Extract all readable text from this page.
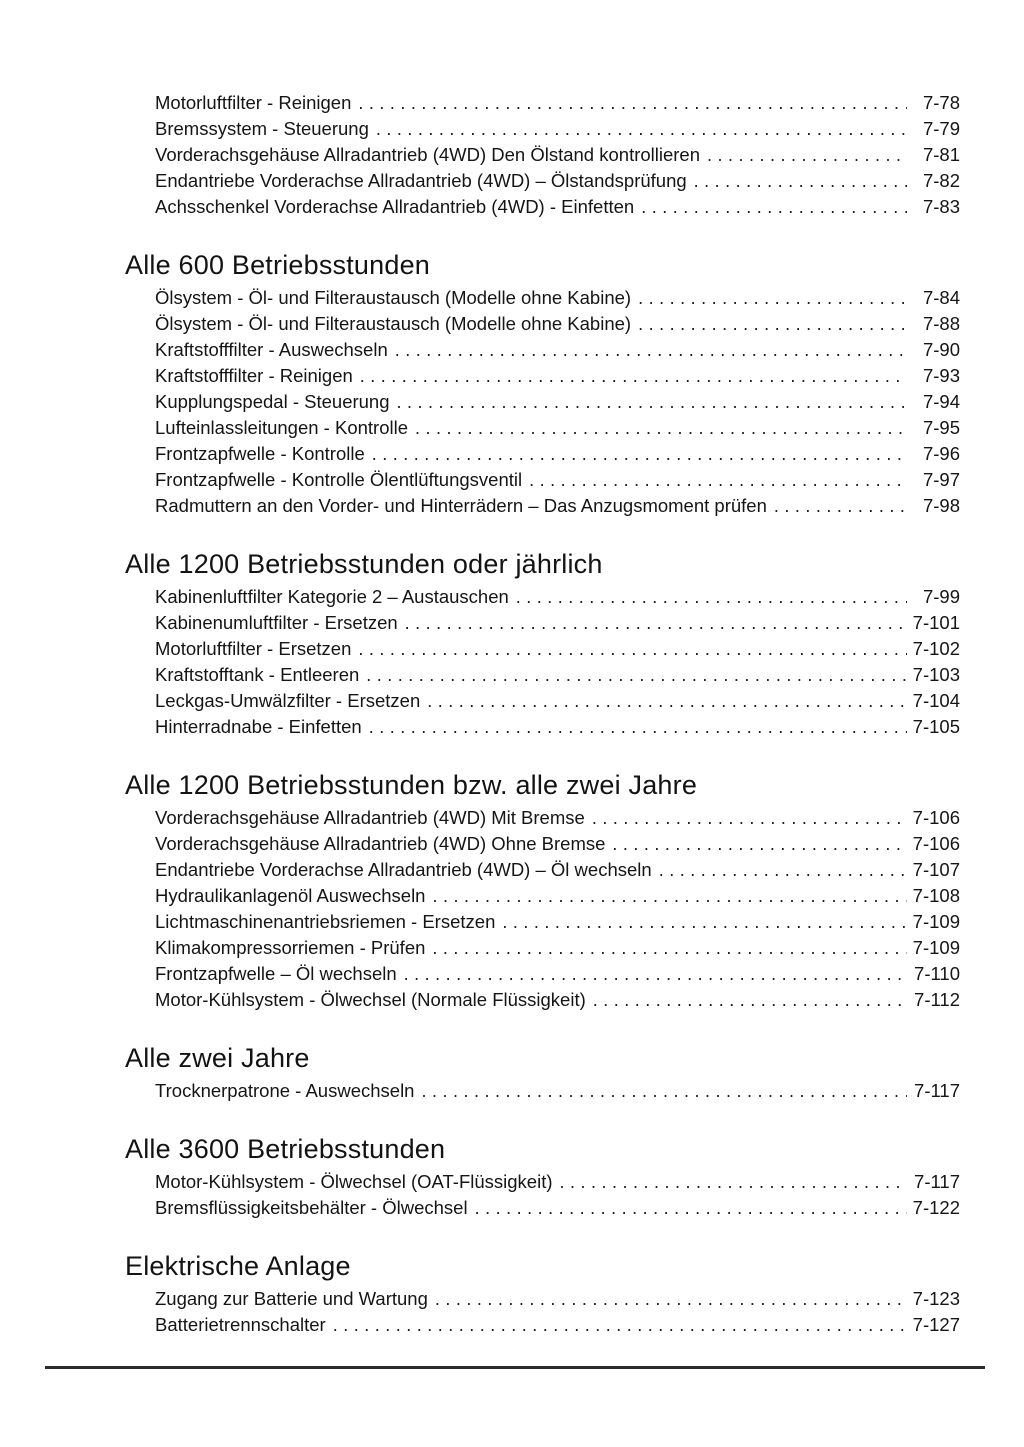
Motorluftfilter - Reinigen .....	7-78
Bremssystem - Steuerung .....	7-79
Vorderachsgehäuse Allradantrieb (4WD) Den Ölstand kontrollieren .....	7-81
Endantriebe Vorderachse Allradantrieb (4WD) – Ölstandsprüfung .....	7-82
Achsschenkel Vorderachse Allradantrieb (4WD) - Einfetten .....	7-83
Alle 600 Betriebsstunden
Ölsystem - Öl- und Filteraustausch (Modelle ohne Kabine) .....	7-84
Ölsystem - Öl- und Filteraustausch (Modelle ohne Kabine) .....	7-88
Kraftstofffilter - Auswechseln .....	7-90
Kraftstofffilter - Reinigen .....	7-93
Kupplungspedal - Steuerung .....	7-94
Lufteinlassleitungen - Kontrolle .....	7-95
Frontzapfwelle - Kontrolle .....	7-96
Frontzapfwelle - Kontrolle Ölentlüftungsventil .....	7-97
Radmuttern an den Vorder- und Hinterrädern – Das Anzugsmoment prüfen .....	7-98
Alle 1200 Betriebsstunden oder jährlich
Kabinenluftfilter Kategorie 2 – Austauschen .....	7-99
Kabinenumluftfilter - Ersetzen .....	7-101
Motorluftfilter - Ersetzen .....	7-102
Kraftstofftank - Entleeren .....	7-103
Leckgas-Umwälzfilter - Ersetzen .....	7-104
Hinterradnabe - Einfetten .....	7-105
Alle 1200 Betriebsstunden bzw. alle zwei Jahre
Vorderachsgehäuse Allradantrieb (4WD) Mit Bremse .....	7-106
Vorderachsgehäuse Allradantrieb (4WD) Ohne Bremse .....	7-106
Endantriebe Vorderachse Allradantrieb (4WD) – Öl wechseln .....	7-107
Hydraulikanlagenöl Auswechseln .....	7-108
Lichtmaschinenantriebsriemen - Ersetzen .....	7-109
Klimakompressorriemen - Prüfen .....	7-109
Frontzapfwelle – Öl wechseln .....	7-110
Motor-Kühlsystem - Ölwechsel (Normale Flüssigkeit) .....	7-112
Alle zwei Jahre
Trocknerpatrone - Auswechseln .....	7-117
Alle 3600 Betriebsstunden
Motor-Kühlsystem - Ölwechsel (OAT-Flüssigkeit) .....	7-117
Bremsflüssigkeitsbehälter - Ölwechsel .....	7-122
Elektrische Anlage
Zugang zur Batterie und Wartung .....	7-123
Batterietrennschalter .....	7-127
